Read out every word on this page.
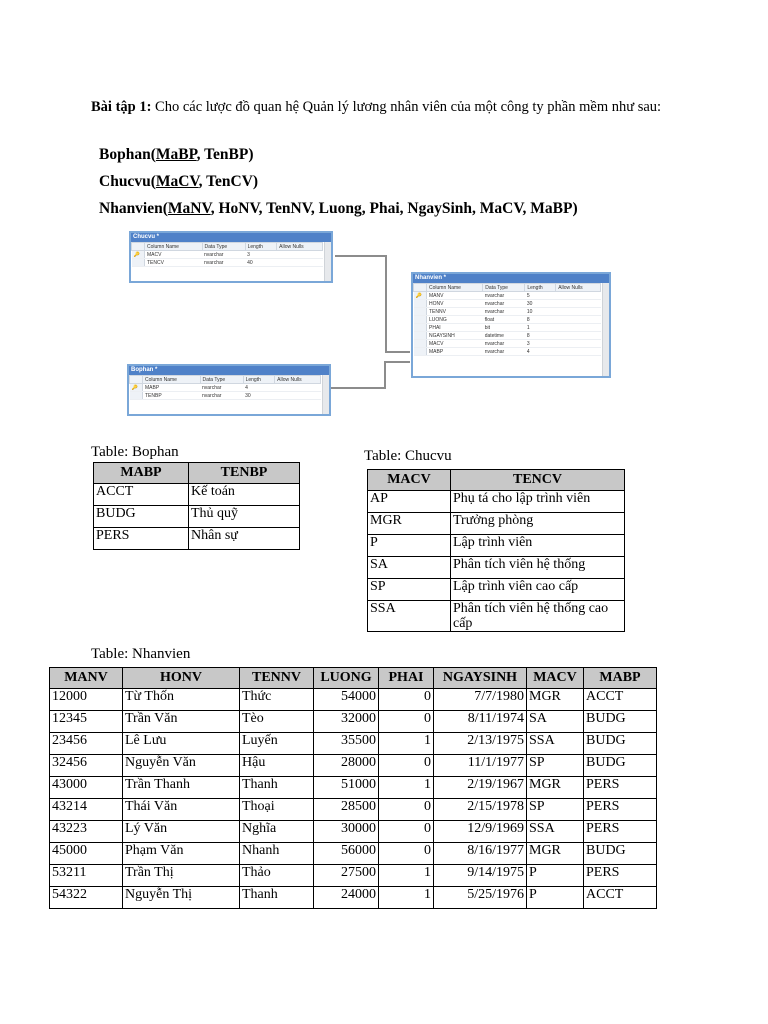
Bài tập 1: Cho các lược đồ quan hệ Quản lý lương nhân viên của một công ty phần mềm như sau:
Bophan(MaBP, TenBP)
Chucvu(MaCV, TenCV)
Nhanvien(MaNV, HoNV, TenNV, Luong, Phai, NgaySinh, MaCV, MaBP)
Chucvu *
	Column Name	Data Type	Length	Allow Nulls
🔑	MACV	nvarchar	3	
	TENCV	nvarchar	40	
Nhanvien *
	Column Name	Data Type	Length	Allow Nulls
🔑	MANV	nvarchar	5	
	HONV	nvarchar	30	
	TENNV	nvarchar	10	
	LUONG	float	8	
	PHAI	bit	1	
	NGAYSINH	datetime	8	
	MACV	nvarchar	3	
	MABP	nvarchar	4	
Bophan *
	Column Name	Data Type	Length	Allow Nulls
🔑	MABP	nvarchar	4	
	TENBP	nvarchar	30	
Table: Bophan
MABP	TENBP
ACCT	Kế toán
BUDG	Thủ quỹ
PERS	Nhân sự
Table: Chucvu
MACV	TENCV
AP	Phụ tá cho lập trình viên
MGR	Trưởng phòng
P	Lập trình viên
SA	Phân tích viên hệ thống
SP	Lập trình viên cao cấp
SSA	Phân tích viên hệ thống cao cấp
Table: Nhanvien
MANV	HONV	TENNV	LUONG	PHAI	NGAYSINH	MACV	MABP
12000	Từ Thốn	Thức	54000	0	7/7/1980	MGR	ACCT
12345	Trần Văn	Tèo	32000	0	8/11/1974	SA	BUDG
23456	Lê Lưu	Luyến	35500	1	2/13/1975	SSA	BUDG
32456	Nguyễn Văn	Hậu	28000	0	11/1/1977	SP	BUDG
43000	Trần Thanh	Thanh	51000	1	2/19/1967	MGR	PERS
43214	Thái Văn	Thoại	28500	0	2/15/1978	SP	PERS
43223	Lý Văn	Nghĩa	30000	0	12/9/1969	SSA	PERS
45000	Phạm Văn	Nhanh	56000	0	8/16/1977	MGR	BUDG
53211	Trần Thị	Thảo	27500	1	9/14/1975	P	PERS
54322	Nguyễn Thị	Thanh	24000	1	5/25/1976	P	ACCT
